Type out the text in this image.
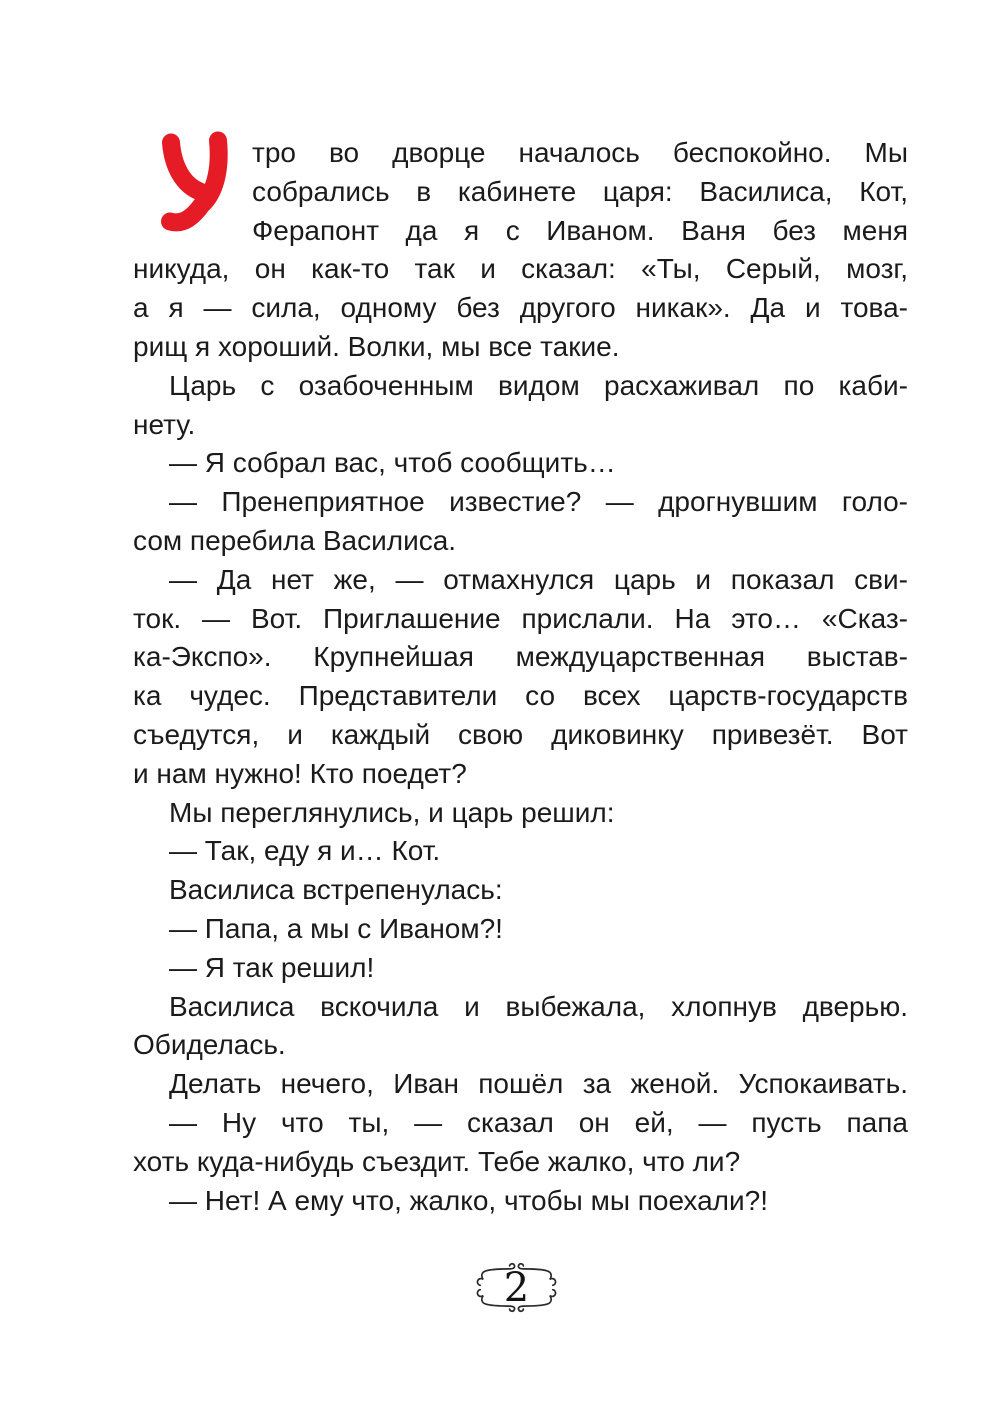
тро во дворце началось беспокойно. Мы
собрались в кабинете царя: Василиса, Кот,
Ферапонт да я с Иваном. Ваня без меня
никуда, он как-то так и сказал: «Ты, Серый, мозг,
а я — сила, одному без другого никак». Да и това-
рищ я хороший. Волки, мы все такие.
Царь с озабоченным видом расхаживал по каби-
нету.
— Я собрал вас, чтоб сообщить…
— Пренеприятное известие? — дрогнувшим голо-
сом перебила Василиса.
— Да нет же, — отмахнулся царь и показал сви-
ток. — Вот. Приглашение прислали. На это… «Сказ-
ка-Экспо». Крупнейшая междуцарственная выстав-
ка чудес. Представители со всех царств-государств
съедутся, и каждый свою диковинку привезёт. Вот
и нам нужно! Кто поедет?
Мы переглянулись, и царь решил:
— Так, еду я и… Кот.
Василиса встрепенулась:
— Папа, а мы с Иваном?!
— Я так решил!
Василиса вскочила и выбежала, хлопнув дверью.
Обиделась.
Делать нечего, Иван пошёл за женой. Успокаивать.
— Ну что ты, — сказал он ей, — пусть папа
хоть куда-нибудь съездит. Тебе жалко, что ли?
— Нет! А ему что, жалко, чтобы мы поехали?!
2
